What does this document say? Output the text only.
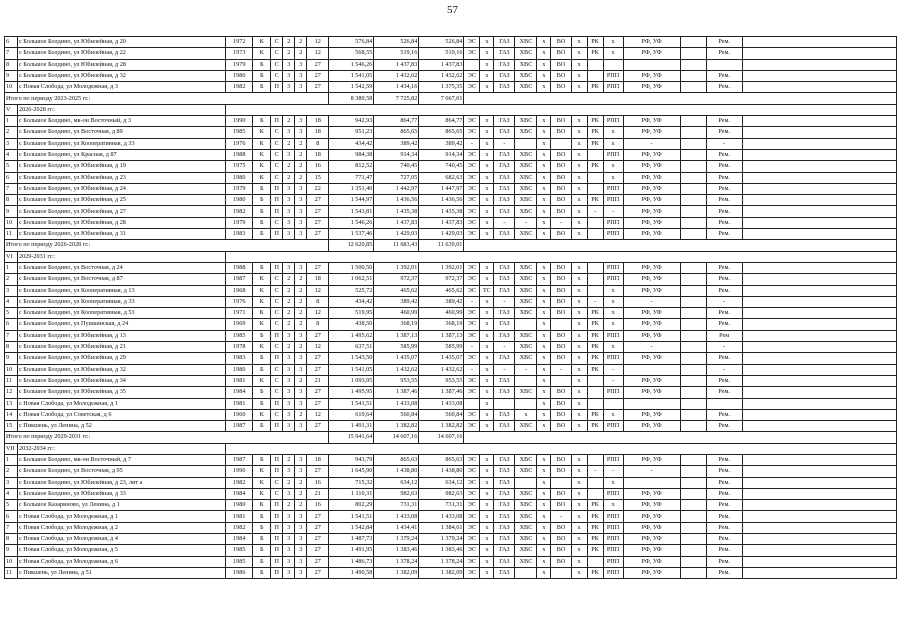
57
6	с Большое Болдино, ул Юбилейная, д 20	1972	К	С	2	2	12	576,84	526,84	526,84	ЭС	х	ГАЗ	ХВС	х	ВО	х	РК	х	РФ, УФ		Рем.	
7	с Большое Болдино, ул Юбилейная, д 22	1973	К	С	2	2	12	568,55	519,16	519,16	ЭС	х	ГАЗ	ХВС	х	ВО	х	РК	х	РФ, УФ		Рем.	
8	с Большое Болдино, ул Юбилейная, д 28	1979	Б	С	3	3	27	1 546,26	1 437,83	1 437,83		х	ГАЗ	ХВС	х	ВО	х						
9	с Большое Болдино, ул Юбилейная, д 32	1980	Б	С	3	3	27	1 541,05	1 432,62	1 432,62	ЭС	х	ГАЗ	ХВС	х	ВО	х		РПП	РФ, УФ		Рем.	
10	с Новая Слобода, ул Молодежная, д 3	1982	Б	П	3	3	27	1 542,59	1 434,16	1 375,35	ЭС	х	ГАЗ	ХВС	х	ВО	х	РК	РПП	РФ, УФ		Рем.	
Итого по периоду 2023-2025 гг.:								8 389,58	7 725,82	7 667,01													
V	2026-2028 гг.:																						
1	с Большое Болдино, мк-он Восточный, д 3	1990	Б	П	2	3	18	942,93	864,77	864,77	ЭС	х	ГАЗ	ХВС	х	ВО	х	РК	РПП	РФ, УФ		Рем.	
2	с Большое Болдино, ул Восточная, д 89	1985	К	С	3	3	18	951,23	865,65	865,65	ЭС	х	ГАЗ	ХВС	х	ВО	х	РК	х	РФ, УФ		Рем.	
3	с Большое Болдино, ул Кооперативная, д 33	1976	К	С	2	2	8	434,42	389,42	389,42	-	х	-		х		х	РК	х	-		-	
4	с Большое Болдино, ул Красная, д 87	1988	К	С	3	2	18	984,38	914,34	914,34	ЭС	х	ГАЗ	ХВС	х	ВО	х		РПП	РФ, УФ		Рем.	
5	с Большое Болдино, ул Юбилейная, д 19	1975	К	С	2	2	16	812,52	740,45	740,45	ЭС	х	ГАЗ	ХВС	х	ВО	х	РК	х	РФ, УФ		Рем.	
6	с Большое Болдино, ул Юбилейная, д 23	1980	К	С	2	2	15	771,47	727,05	682,63	ЭС	х	ГАЗ	ХВС	х	ВО	х		х	РФ, УФ		Рем.	
7	с Большое Болдино, ул Юбилейная, д 24	1979	Б	П	3	3	22	1 351,40	1 442,97	1 447,97	ЭС	х	ГАЗ	ХВС	х	ВО	х		РПП	РФ, УФ		Рем.	
8	с Большое Болдино, ул Юбилейная, д 25	1980	Б	П	3	3	27	1 544,97	1 436,56	1 436,56	ЭС	х	ГАЗ	ХВС	х	ВО	х	РК	РПП	РФ, УФ		Рем.	
9	с Большое Болдино, ул Юбилейная, д 27	1982	Б	П	3	3	27	1 543,81	1 435,38	1 435,38	ЭС	х	ГАЗ	ХВС	х	ВО	х	-	-	РФ, УФ		Рем.	
10	с Большое Болдино, ул Юбилейная, д 28	1979	Б	С	3	3	27	1 546,26	1 437,83	1 437,83	ЭС	х	-	-	х	-	х		РПП	РФ, УФ		Рем.	
11	с Большое Болдино, ул Юбилейная, д 31	1983	Б	П	3	3	27	1 537,46	1 429,03	1 429,03	ЭС	х	ГАЗ	ХВС	х	ВО	х		РПП	РФ, УФ		Рем.	
Итого по периоду 2026-2028 гг.:								12 620,85	11 683,43	11 639,01													
VI	2029-2031 гг.:																						
1	с Большое Болдино, ул Восточная, д 24	1988	Б	П	3	3	27	1 500,50	1 392,01	1 392,01	ЭС	х	ГАЗ	ХВС	х	ВО	х		РПП	РФ, УФ		Рем.	
2	с Большое Болдино, ул Восточная, д 87	1987	К	С	2	2	18	1 062,51	972,37	972,37	ЭС	х	ГАЗ	ХВС	х	ВО	х		РПП	РФ, УФ		Рем.	
3	с Большое Болдино, ул Кооперативная, д 13	1968	К	С	2	2	12	525,72	465,62	465,62	ЭС	ТС	ГАЗ	ХВС	х	ВО	х		х	РФ, УФ		Рем.	
4	с Большое Болдино, ул Кооперативная, д 33	1976	К	С	2	2	8	434,42	389,42	389,42	-	х	-	ХВС	х	ВО	х	-	х	-		-	
5	с Большое Болдино, ул Кооперативная, д 53	1971	К	С	2	2	12	519,95	460,99	460,99	ЭС	х	ГАЗ	ХВС	х	ВО	х	РК	х	РФ, УФ		Рем.	
6	с Большое Болдино, ул Пушкинская, д 24	1969	К	С	2	2	8	438,50	368,19	368,19	ЭС	х	ГАЗ		х		х	РК	х	РФ, УФ		Рем.	
7	с Большое Болдино, ул Юбилейная, д 13	1985	Б	П	3	3	27	1 495,62	1 387,13	1 387,13	ЭС	х	ГАЗ	ХВС	х	ВО	х	РК	РПП	РФ, УФ		Рем	
8	с Большое Болдино, ул Юбилейная, д 21	1978	К	С	2	2	12	637,51	585,99	585,99	-	х	-	ХВС	х	ВО	х	РК	х	-		-	
9	с Большое Болдино, ул Юбилейная, д 29	1983	Б	П	3	3	27	1 543,50	1 435,07	1 435,07	ЭС	х	ГАЗ	ХВС	х	ВО	х	РК	РПП	РФ, УФ		Рем.	
10	с Большое Болдино, ул Юбилейная, д 32	1980	Б	С	3	3	27	1 541,05	1 432,62	1 432,62	-	х	-	-	х	-	х	РК	-			-	
11	с Большое Болдино, ул Юбилейная, д 34	1981	К	С	3	2	21	1 093,95	953,55	953,55	ЭС	х	ГАЗ		х		х		-	РФ, УФ		Рем.	
12	с Большое Болдино, ул Юбилейная, д 35	1984	Б	С	3	3	27	1 495,95	1 387,46	1 387,46	ЭС	х	ГАЗ	ХВС	х	ВО	х		РПП	РФ, УФ		Рем.	
13	с Новая Слобода, ул Молодежная, д 1	1981	Б	П	3	3	27	1 541,51	1 433,08	1 433,08		х			х	ВО	х						
14	с Новая Слобода, ул Советская, д 6	1960	К	С	3	2	12	619,64	560,84	560,84	ЭС	х	ГАЗ	х	х	ВО	х	РК	х	РФ, УФ		Рем.	
15	с Пикшень, ул Ленина, д 52	1987	Б	П	3	3	27	1 491,31	1 382,82	1 382,82	ЭС	х	ГАЗ	ХВС	х	ВО	х	РК	РПП	РФ, УФ		Рем.	
Итого по периоду 2029-2031 гг.:								15 941,64	14 607,16	14 607,16													
VII	2032-2034 гг.:																						
1	с Большое Болдино, мк-он Восточный, д 7	1987	Б	П	2	3	18	943,79	865,63	865,63	ЭС	х	ГАЗ	ХВС	х	ВО	х		РПП	РФ, УФ		Рем.	
2	с Большое Болдино, ул Восточная, д 95	1990	К	П	3	3	27	1 645,90	1 438,80	1 438,80	ЭС	х	ГАЗ	ХВС	х	ВО	х	-	-	-		Рем.	
3	с Большое Болдино, ул Юбилейная, д 23, лит а	1982	К	С	2	2	16	715,32	634,12	634,12	ЭС	х	ГАЗ		х		х		х			Рем.	
4	с Большое Болдино, ул Юбилейная, д 33	1984	К	С	3	2	21	1 110,31	982,63	982,63	ЭС	х	ГАЗ	ХВС	х	ВО	х		РПП	РФ, УФ		Рем.	
5	с Большое Казариново, ул Ленина, д 1	1980	К	П	2	2	16	802,29	731,31	731,31	ЭС	х	ГАЗ	ХВС	х	ВО	х	РК	х	РФ, УФ		Рем.	
6	с Новая Слобода, ул Молодежная, д 1	1981	Б	П	3	3	27	1 541,51	1 433,08	1 433,08	ЭС	х	ГАЗ	ХВС	х	-	х	РК	РПП	РФ, УФ		Рем.	
7	с Новая Слобода, ул Молодежная, д 2	1982	Б	П	3	3	27	1 542,84	1 434,41	1 384,61	ЭС	х	ГАЗ	ХВС	х	ВО	х	РК	РПП	РФ, УФ		Рем.	
8	с Новая Слобода, ул Молодежная, д 4	1984	Б	П	3	3	27	1 487,73	1 379,24	1 379,24	ЭС	х	ГАЗ	ХВС	х	ВО	х	РК	РПП	РФ, УФ		Рем.	
9	с Новая Слобода, ул Молодежная, д 5	1985	Б	П	3	3	27	1 491,95	1 383,46	1 383,46	ЭС	х	ГАЗ	ХВС	х	ВО	х	РК	РПП	РФ, УФ		Рем.	
10	с Новая Слобода, ул Молодежная, д 6	1985	Б	П	3	3	27	1 486,73	1 378,24	1 378,24	ЭС	х	ГАЗ	ХВС	х	ВО	х		РПП	РФ, УФ		Рем.	
11	с Пикшень, ул Ленина, д 51	1986	Б	П	3	3	27	1 490,58	1 382,09	1 382,09	ЭС	х	ГАЗ		х		х	РК	РПП	РФ, УФ		Рем.	
